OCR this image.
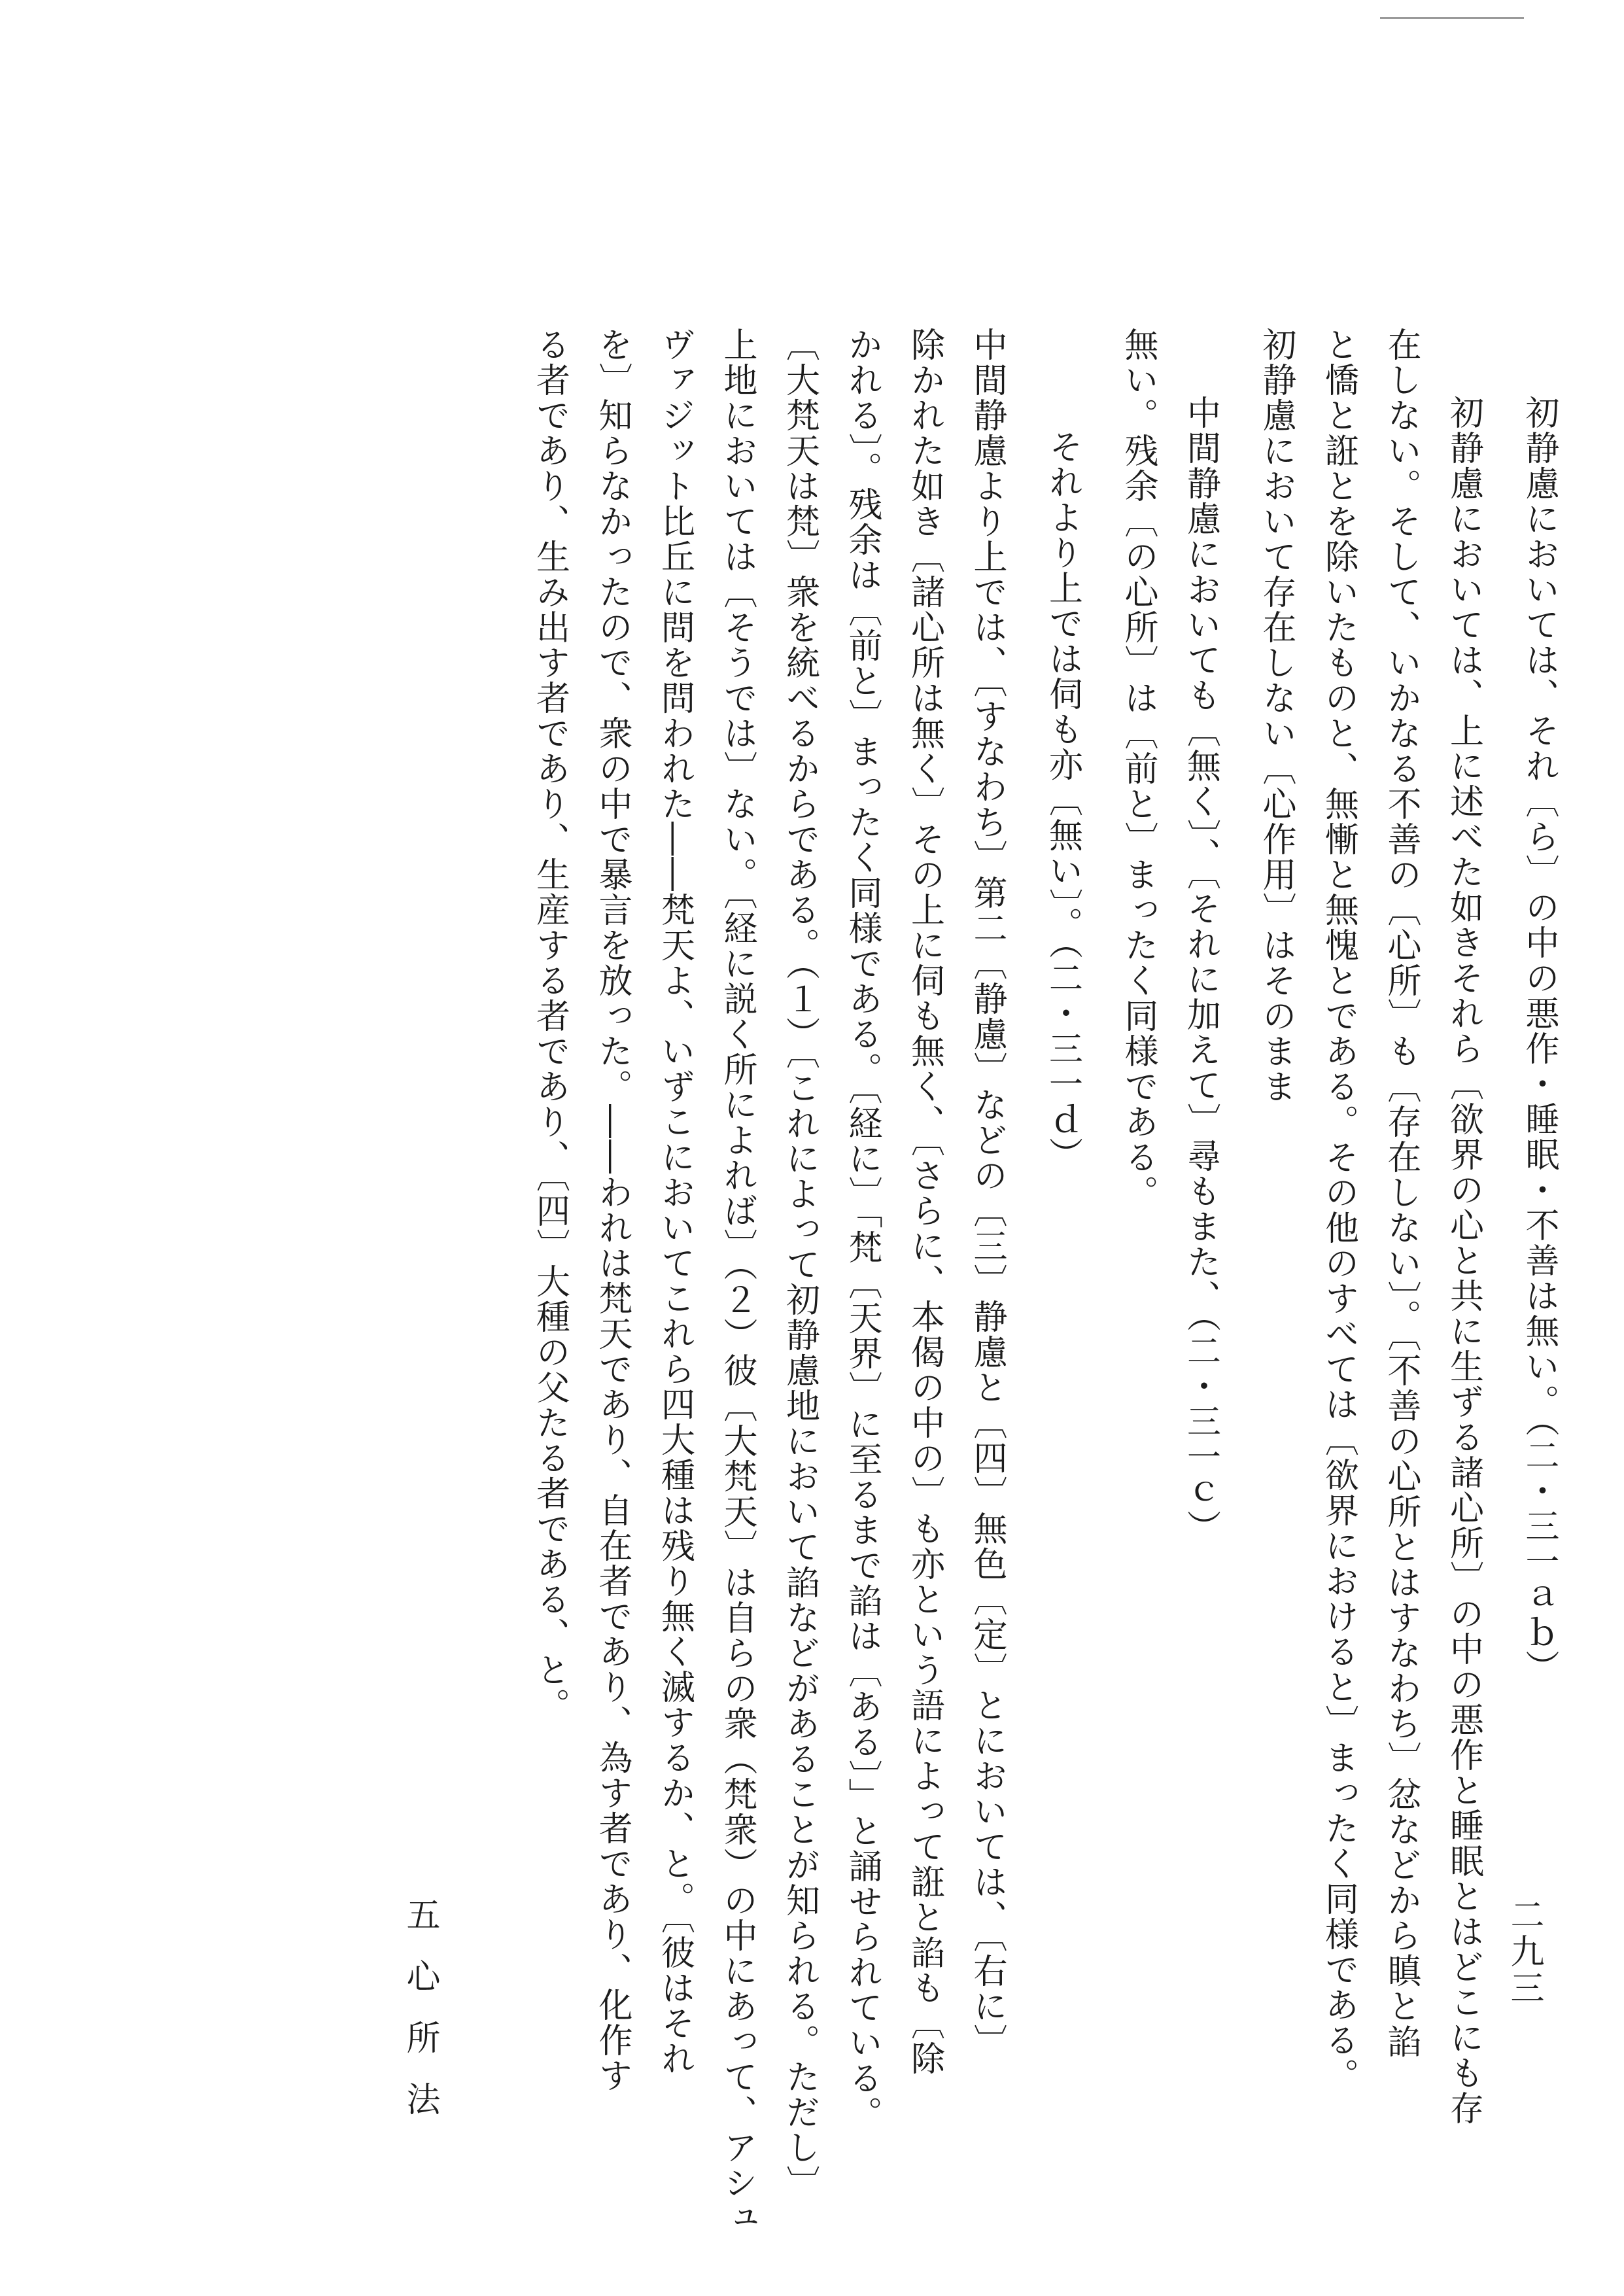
初静慮においては、それ〔ら〕の中の悪作・睡眠・不善は無い。（二・三一ａｂ）
初静慮においては、上に述べた如きそれら〔欲界の心と共に生ずる諸心所〕の中の悪作と睡眠とはどこにも存
在しない。そして、いかなる不善の〔心所〕も〔存在しない〕。〔不善の心所とはすなわち〕忿などから瞋と諂
と憍と誑とを除いたものと、無慚と無愧とである。その他のすべては〔欲界におけると〕まったく同様である。
初静慮において存在しない〔心作用〕はそのまま
中間静慮においても〔無く〕、〔それに加えて〕尋もまた、（二・三一ｃ）
無い。残余〔の心所〕は〔前と〕まったく同様である。
それより上では伺も亦〔無い〕。（二・三一ｄ）
中間静慮より上では、〔すなわち〕第二〔静慮〕などの〔三〕静慮と〔四〕無色〔定〕とにおいては、〔右に〕
除かれた如き〔諸心所は無く〕その上に伺も無く、〔さらに、本偈の中の〕も亦という語によって誑と諂も〔除
かれる〕。残余は〔前と〕まったく同様である。〔経に〕「梵〔天界〕に至るまで諂は〔ある〕」と誦せられている。
〔大梵天は梵〕衆を統べるからである。（１）〔これによって初静慮地において諂などがあることが知られる。ただし〕
上地においては〔そうでは〕ない。〔経に説く所によれば〕（２）彼〔大梵天〕は自らの衆（梵衆）の中にあって、アシュ
ヴァジット比丘に問を問われた――梵天よ、いずこにおいてこれら四大種は残り無く滅するか、と。〔彼はそれ
を〕知らなかったので、衆の中で暴言を放った。――われは梵天であり、自在者であり、為す者であり、化作す
る者であり、生み出す者であり、生産する者であり、〔四〕大種の父たる者である、と。
五心所法	二九三
